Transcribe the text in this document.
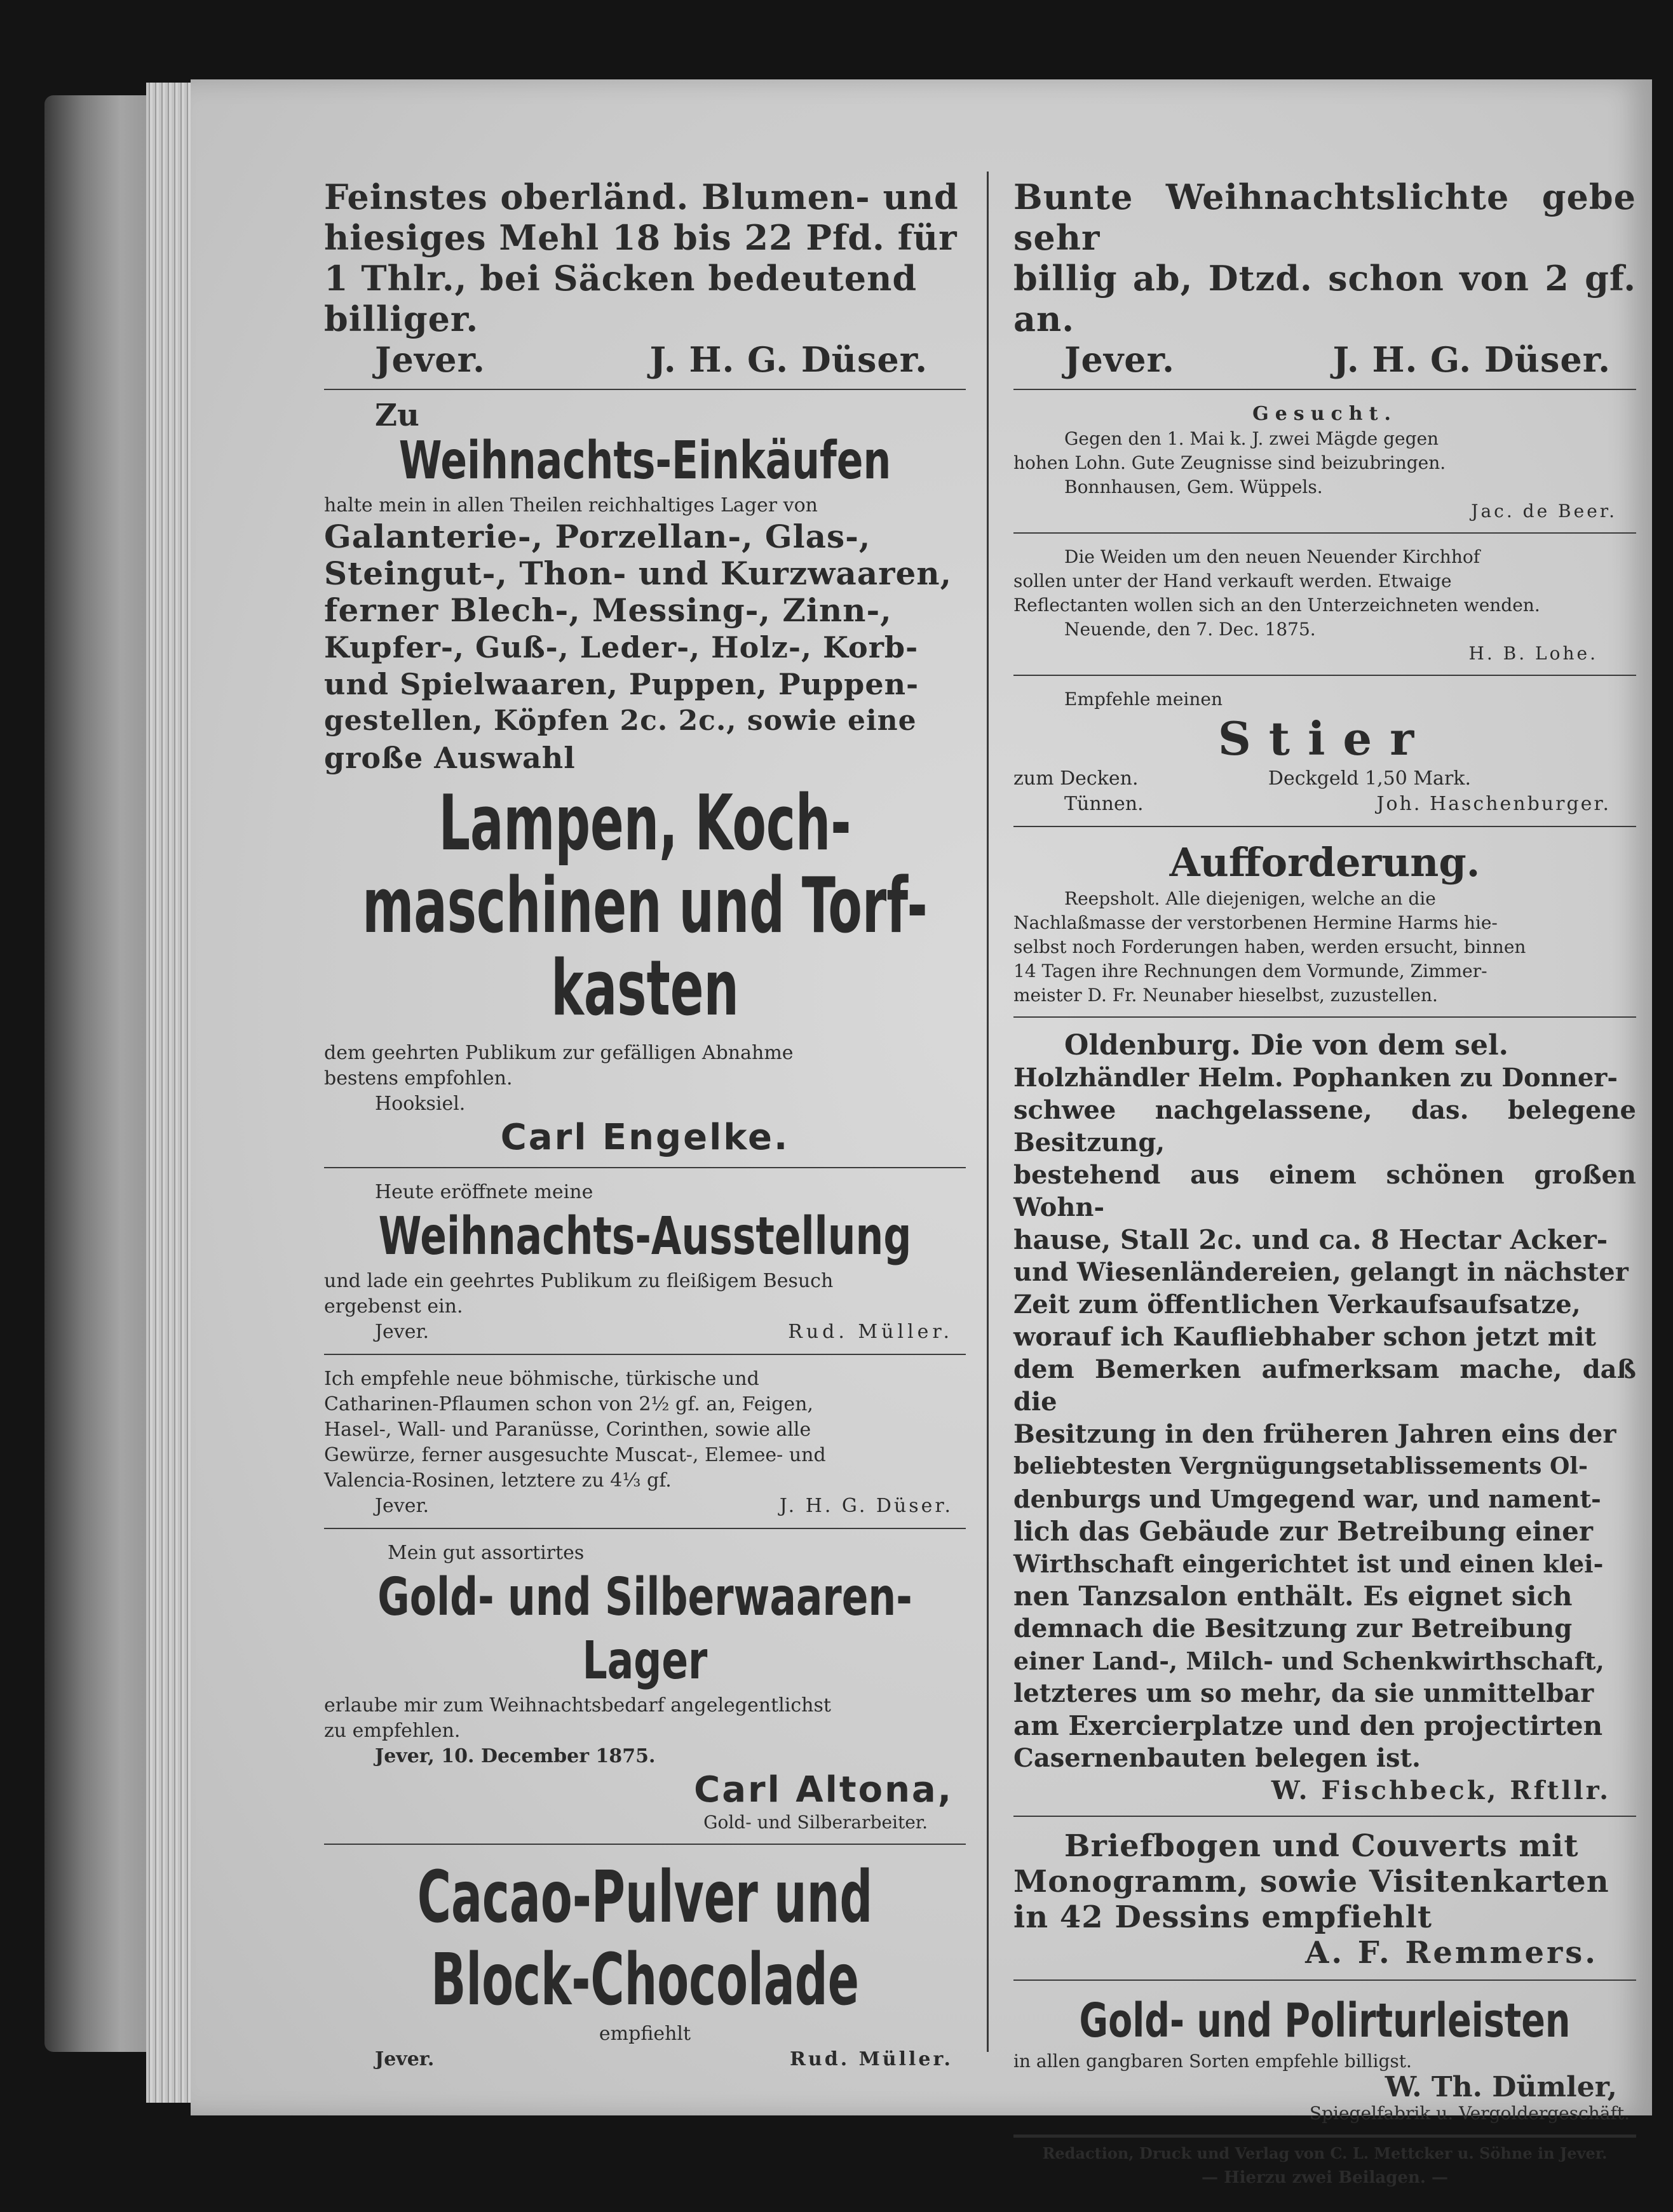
Feinstes oberländ. Blumen- und

hiesiges Mehl 18 bis 22 Pfd. für

1 Thlr., bei Säcken bedeutend billiger.

Jever.	J. H. G. Düser.

Zu

Weihnachts-Einkäufen

halte mein in allen Theilen reichhaltiges Lager von

Galanterie-, Porzellan-, Glas-,

Steingut-, Thon- und Kurzwaaren,

ferner Blech-, Messing-, Zinn-,

Kupfer-, Guß-, Leder-, Holz-, Korb-

und Spielwaaren, Puppen, Puppen-

gestellen, Köpfen 2c. 2c., sowie eine

große Auswahl

Lampen, Koch-
maschinen und Torf-
kasten

dem geehrten Publikum zur gefälligen Abnahme

bestens empfohlen.

Hooksiel.

Carl Engelke.

Heute eröffnete meine

Weihnachts-Ausstellung

und lade ein geehrtes Publikum zu fleißigem Besuch

ergebenst ein.

Jever.	Rud. Müller.

Ich empfehle neue böhmische, türkische und

Catharinen-Pflaumen schon von 2½ gf. an, Feigen,

Hasel-, Wall- und Paranüsse, Corinthen, sowie alle

Gewürze, ferner ausgesuchte Muscat-, Elemee- und

Valencia-Rosinen, letztere zu 4⅓ gf.

Jever.	J. H. G. Düser.

Mein gut assortirtes

Gold- und Silberwaaren-
Lager

erlaube mir zum Weihnachtsbedarf angelegentlichst

zu empfehlen.

Jever, 10. December 1875.

Carl Altona,

Gold- und Silberarbeiter.

Cacao-Pulver und
Block-Chocolade

empfiehlt

Jever.	Rud. Müller.

Bunte Weihnachtslichte gebe sehr

billig ab, Dtzd. schon von 2 gf. an.

Jever.	J. H. G. Düser.

Gesucht.

Gegen den 1. Mai k. J. zwei Mägde gegen

hohen Lohn. Gute Zeugnisse sind beizubringen.

Bonnhausen, Gem. Wüppels.

Jac. de Beer.

Die Weiden um den neuen Neuender Kirchhof

sollen unter der Hand verkauft werden. Etwaige

Reflectanten wollen sich an den Unterzeichneten wenden.

Neuende, den 7. Dec. 1875.

H. B. Lohe.

Empfehle meinen

Stier

zum Decken.	Deckgeld 1,50 Mark.
Tünnen.	Joh. Haschenburger.

Aufforderung.

Reepsholt. Alle diejenigen, welche an die

Nachlaßmasse der verstorbenen Hermine Harms hie-

selbst noch Forderungen haben, werden ersucht, binnen

14 Tagen ihre Rechnungen dem Vormunde, Zimmer-

meister D. Fr. Neunaber hieselbst, zuzustellen.

Oldenburg. Die von dem sel.

Holzhändler Helm. Pophanken zu Donner-

schwee nachgelassene, das. belegene Besitzung,

bestehend aus einem schönen großen Wohn-

hause, Stall 2c. und ca. 8 Hectar Acker-

und Wiesenländereien, gelangt in nächster

Zeit zum öffentlichen Verkaufsaufsatze,

worauf ich Kaufliebhaber schon jetzt mit

dem Bemerken aufmerksam mache, daß die

Besitzung in den früheren Jahren eins der

beliebtesten Vergnügungsetablissements Ol-

denburgs und Umgegend war, und nament-

lich das Gebäude zur Betreibung einer

Wirthschaft eingerichtet ist und einen klei-

nen Tanzsalon enthält. Es eignet sich

demnach die Besitzung zur Betreibung

einer Land-, Milch- und Schenkwirthschaft,

letzteres um so mehr, da sie unmittelbar

am Exercierplatze und den projectirten

Casernenbauten belegen ist.

W. Fischbeck, Rftllr.

Briefbogen und Couverts mit

Monogramm, sowie Visitenkarten

in 42 Dessins empfiehlt

A. F. Remmers.

Gold- und Polirturleisten

in allen gangbaren Sorten empfehle billigst.

W. Th. Dümler,

Spiegelfabrik u. Vergoldergeschäft.

Redaction, Druck und Verlag von C. L. Mettcker u. Söhne in Jever.

— Hierzu zwei Beilagen. —
